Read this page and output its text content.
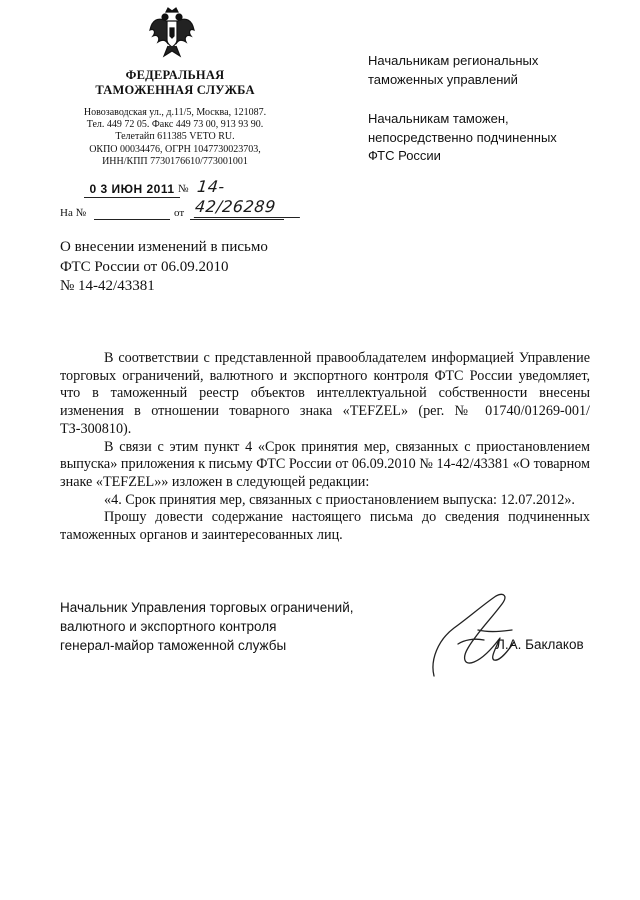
ФЕДЕРАЛЬНАЯ
ТАМОЖЕННАЯ СЛУЖБА
Новозаводская ул., д.11/5, Москва, 121087.
Тел. 449 72 05. Факс 449 73 00, 913 93 90.
Телетайп 611385 VETO RU.
ОКПО 00034476, ОГРН 1047730023703,
ИНН/КПП 7730176610/773001001
0 3 ИЮН 2011 № 14-42/26289
На №	от
Начальникам региональных
таможенных управлений
Начальникам таможен,
непосредственно подчиненных
ФТС России
О внесении изменений в письмо
ФТС России от 06.09.2010
№ 14-42/43381

В соответствии с представленной правообладателем информацией Управление торговых ограничений, валютного и экспортного контроля ФТС России уведомляет, что в таможенный реестр объектов интеллектуальной собственности внесены изменения в отношении товарного знака «TEFZEL» (рег. № 01740/01269-001/ТЗ-300810).

В связи с этим пункт 4 «Срок принятия мер, связанных с приостановлением выпуска» приложения к письму ФТС России от 06.09.2010 № 14-42/43381 «О товарном знаке «TEFZEL»» изложен в следующей редакции:

«4. Срок принятия мер, связанных с приостановлением выпуска: 12.07.2012».

Прошу довести содержание настоящего письма до сведения подчиненных таможенных органов и заинтересованных лиц.

Начальник Управления торговых ограничений,
валютного и экспортного контроля
генерал-майор таможенной службы	Л.А. Баклаков
